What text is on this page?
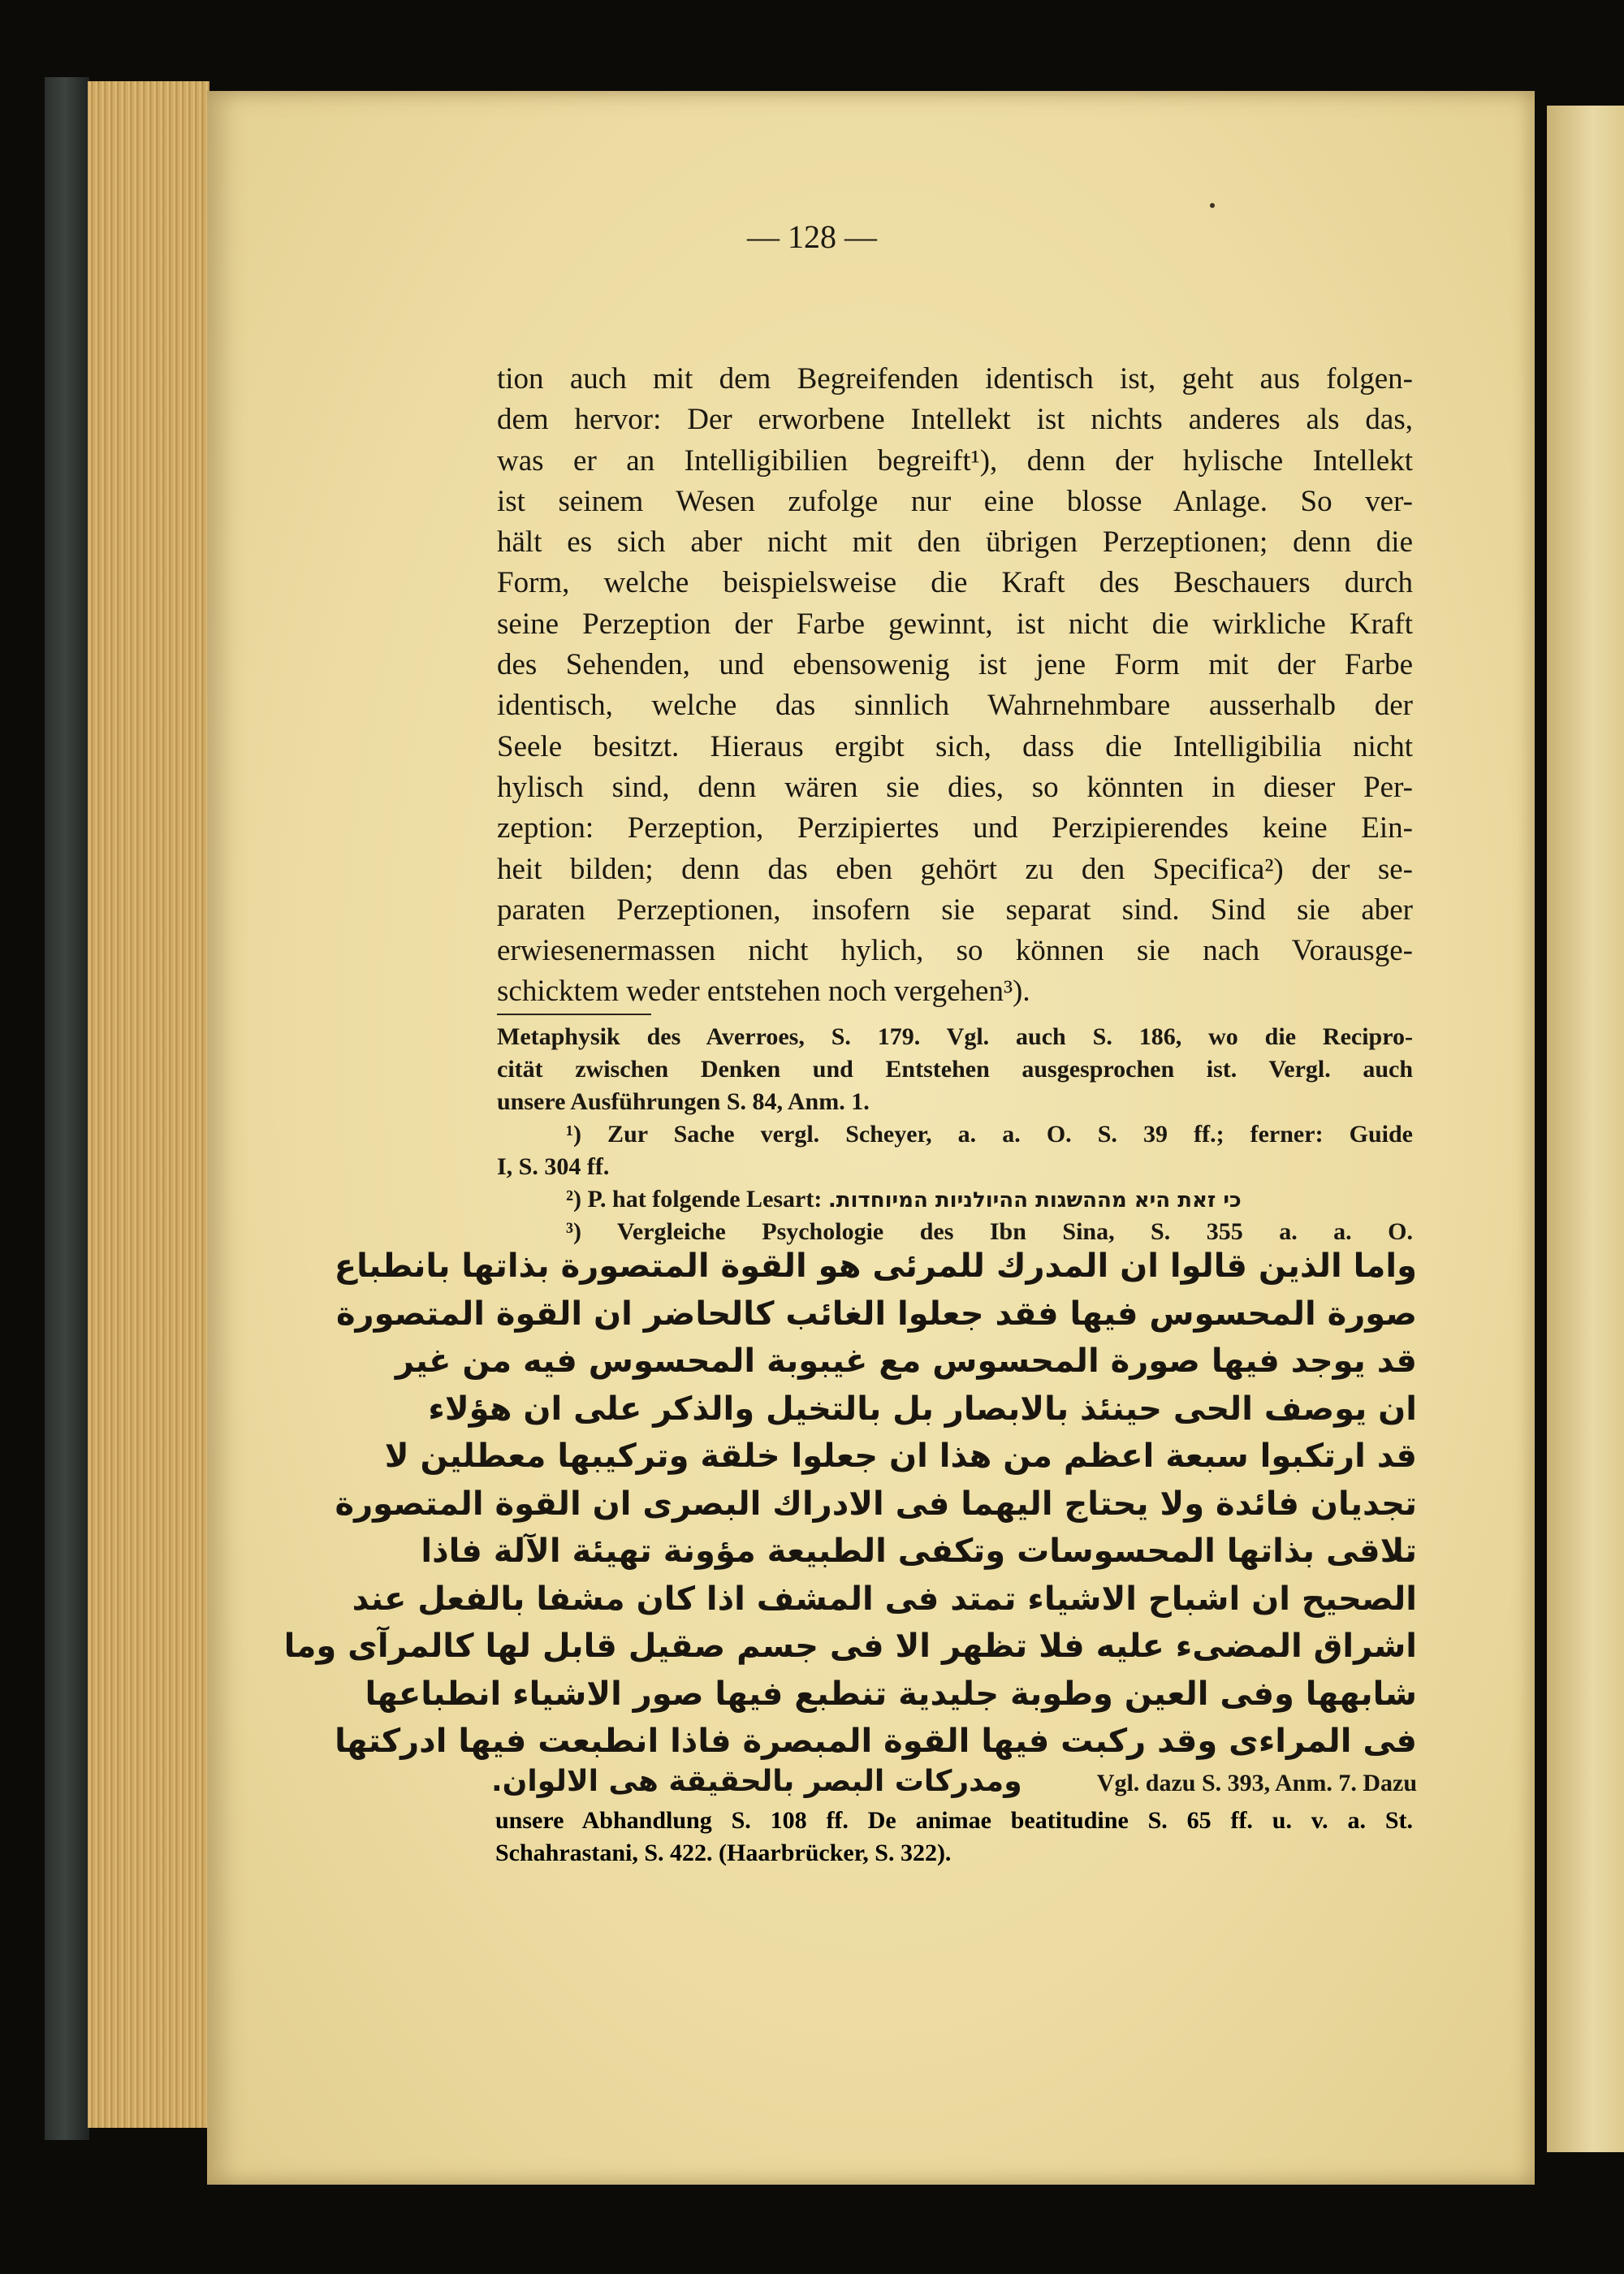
— 128 —
tion auch mit dem Begreifenden identisch ist, geht aus folgen-
dem hervor: Der erworbene Intellekt ist nichts anderes als das,
was er an Intelligibilien begreift¹), denn der hylische Intellekt
ist seinem Wesen zufolge nur eine blosse Anlage. So ver-
hält es sich aber nicht mit den übrigen Perzeptionen; denn die
Form, welche beispielsweise die Kraft des Beschauers durch
seine Perzeption der Farbe gewinnt, ist nicht die wirkliche Kraft
des Sehenden, und ebensowenig ist jene Form mit der Farbe
identisch, welche das sinnlich Wahrnehmbare ausserhalb der
Seele besitzt. Hieraus ergibt sich, dass die Intelligibilia nicht
hylisch sind, denn wären sie dies, so könnten in dieser Per-
zeption: Perzeption, Perzipiertes und Perzipierendes keine Ein-
heit bilden; denn das eben gehört zu den Specifica²) der se-
paraten Perzeptionen, insofern sie separat sind. Sind sie aber
erwiesenermassen nicht hylich, so können sie nach Vorausge-
schicktem weder entstehen noch vergehen³).
Metaphysik des Averroes, S. 179. Vgl. auch S. 186, wo die Recipro-
cität zwischen Denken und Entstehen ausgesprochen ist. Vergl. auch
unsere Ausführungen S. 84, Anm. 1.
¹) Zur Sache vergl. Scheyer, a. a. O. S. 39 ff.; ferner: Guide
I, S. 304 ff.
²) P. hat folgende Lesart: כי זאת היא מההשגות ההיולניות המיוחדות.
³) Vergleiche Psychologie des Ibn Sina, S. 355 a. a. O.
واما الذين قالوا ان المدرك للمرئى هو القوة المتصورة بذاتها بانطباع
صورة المحسوس فيها فقد جعلوا الغائب كالحاضر ان القوة المتصورة
قد يوجد فيها صورة المحسوس مع غيبوبة المحسوس فيه من غير
ان يوصف الحى حينئذ بالابصار بل بالتخيل والذكر على ان هؤلاء
قد ارتكبوا سبعة اعظم من هذا ان جعلوا خلقة وتركيبها معطلين لا
تجديان فائدة ولا يحتاج اليهما فى الادراك البصرى ان القوة المتصورة
تلاقى بذاتها المحسوسات وتكفى الطبيعة مؤونة تهيئة الآلة فاذا
الصحيح ان اشباح الاشياء تمتد فى المشف اذا كان مشفا بالفعل عند
اشراق المضىء عليه فلا تظهر الا فى جسم صقيل قابل لها كالمرآى وما
شابهها وفى العين وطوبة جليدية تنطبع فيها صور الاشياء انطباعها
فى المراءى وقد ركبت فيها القوة المبصرة فاذا انطبعت فيها ادركتها
ومدركات البصر بالحقيقة هى الالوان.	Vgl. dazu S. 393, Anm. 7. Dazu
unsere Abhandlung S. 108 ff. De animae beatitudine S. 65 ff. u. v. a. St.
Schahrastani, S. 422. (Haarbrücker, S. 322).
